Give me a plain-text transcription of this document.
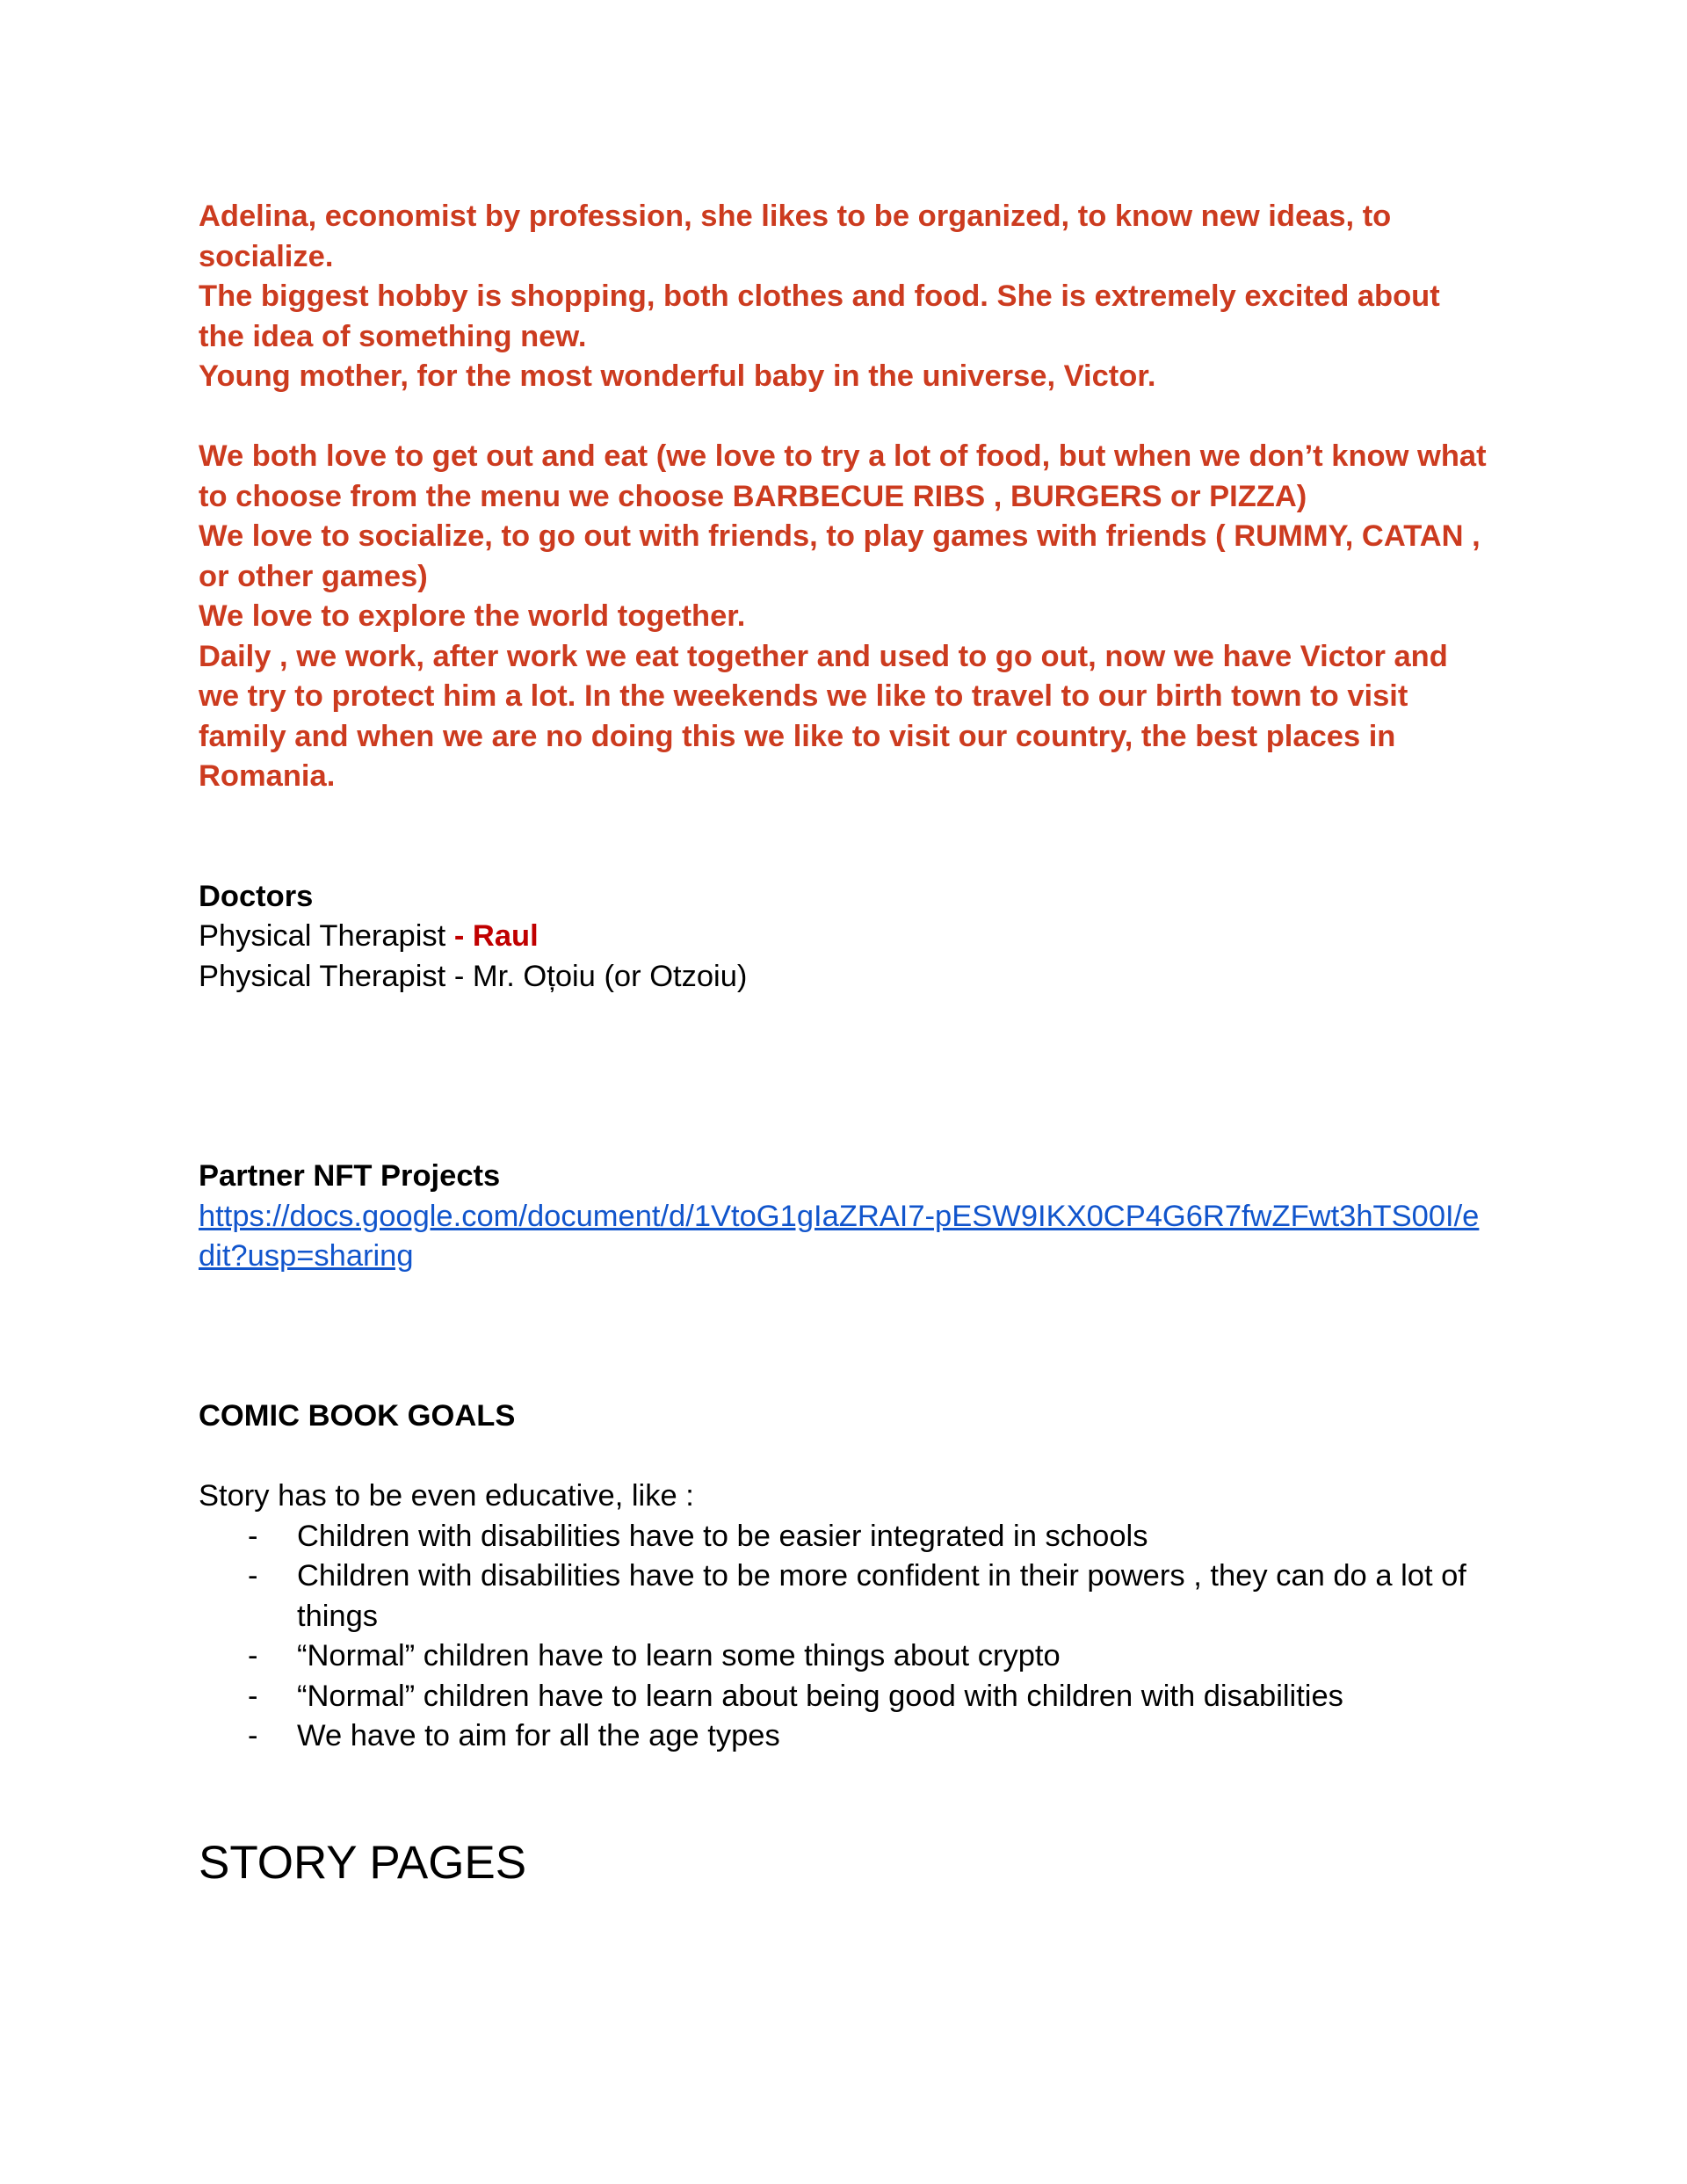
Adelina, economist by profession, she likes to be organized, to know new ideas, to
socialize.
The biggest hobby is shopping, both clothes and food. She is extremely excited about
the idea of something new.
Young mother, for the most wonderful baby in the universe, Victor.
We both love to get out and eat (we love to try a lot of food, but when we don’t know what
to choose from the menu we choose BARBECUE RIBS , BURGERS or PIZZA)
We love to socialize, to go out with friends, to play games with friends ( RUMMY, CATAN ,
or other games)
We love to explore the world together.
Daily , we work, after work we eat together and used to go out, now we have Victor and
we try to protect him a lot. In the weekends we like to travel to our birth town to visit
family and when we are no doing this we like to visit our country, the best places in
Romania.
Doctors
Physical Therapist - Raul
Physical Therapist - Mr. Oțoiu (or Otzoiu)
Partner NFT Projects
https://docs.google.com/document/d/1VtoG1gIaZRAI7-pESW9IKX0CP4G6R7fwZFwt3hTS00I/e
dit?usp=sharing
COMIC BOOK GOALS
Story has to be even educative, like :
- Children with disabilities have to be easier integrated in schools
- Children with disabilities have to be more confident in their powers , they can do a lot of
things
- “Normal” children have to learn some things about crypto
- “Normal” children have to learn about being good with children with disabilities
- We have to aim for all the age types
STORY PAGES
